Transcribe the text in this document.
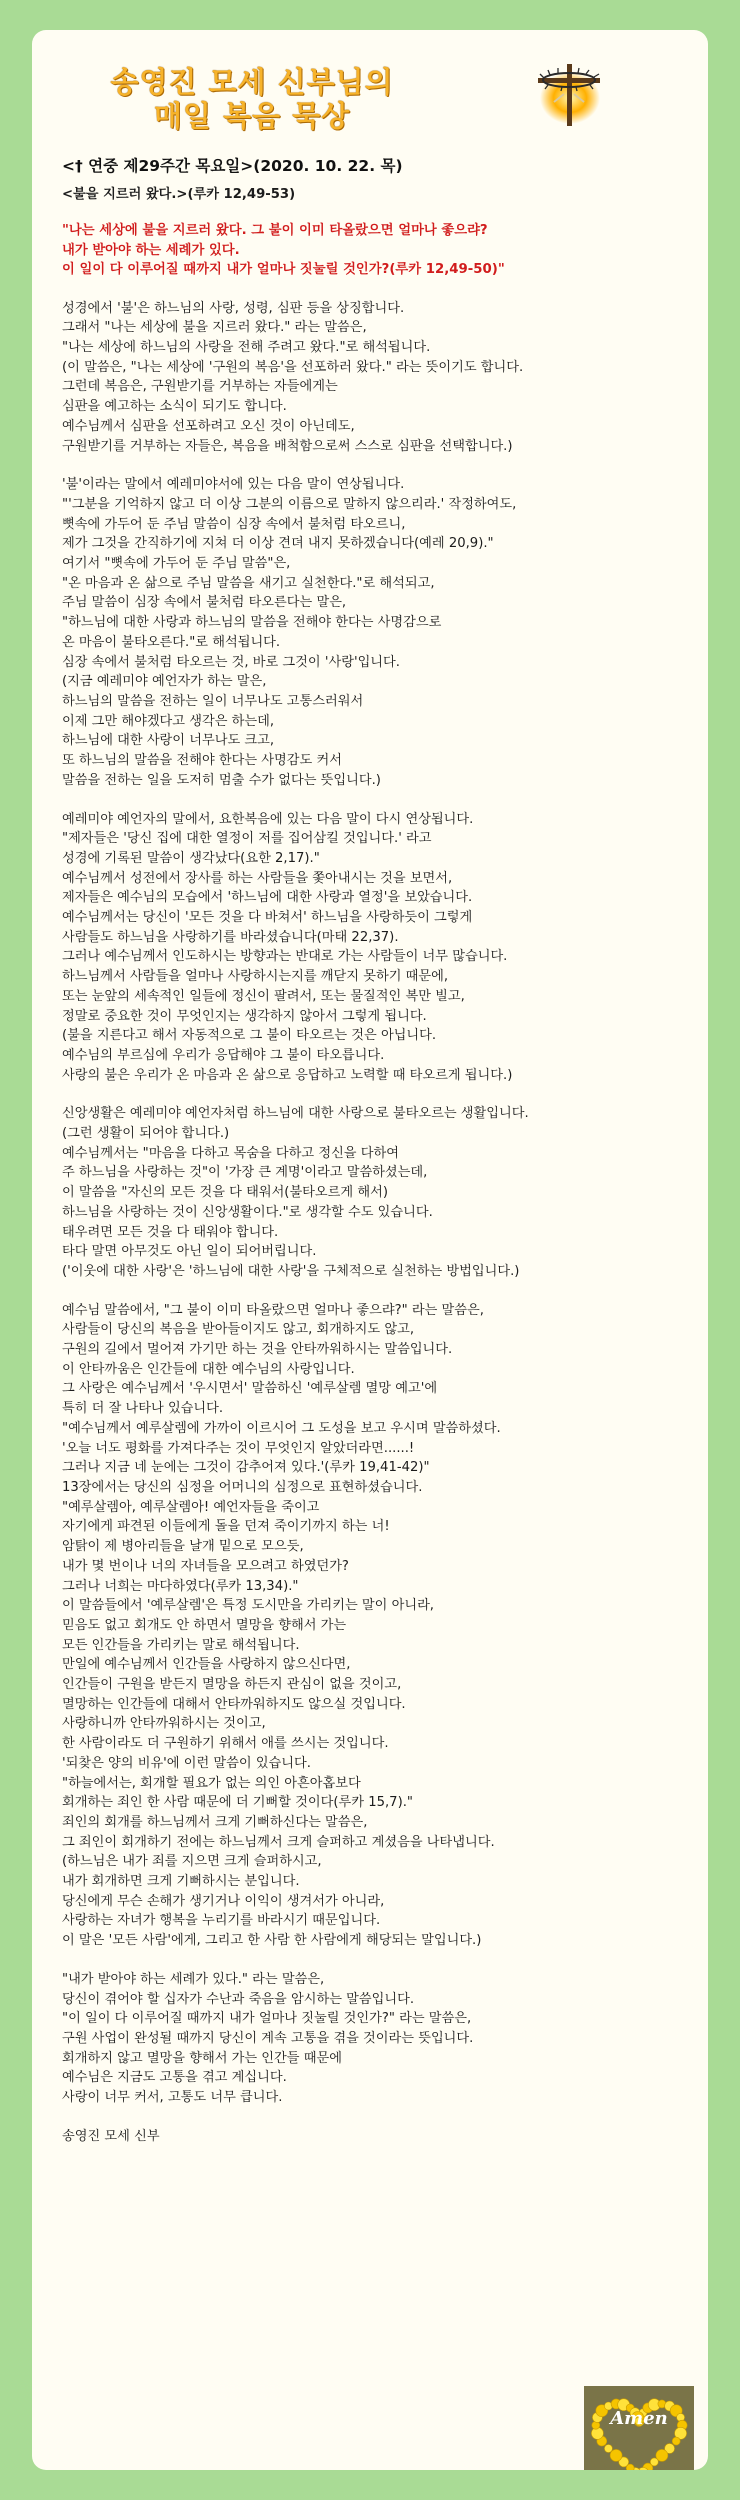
송영진 모세 신부님의
매일 복음 묵상
<† 연중 제29주간 목요일>(2020. 10. 22. 목)
<불을 지르러 왔다.>(루카 12,49-53)
"나는 세상에 불을 지르러 왔다. 그 불이 이미 타올랐으면 얼마나 좋으랴?
내가 받아야 하는 세례가 있다.
이 일이 다 이루어질 때까지 내가 얼마나 짓눌릴 것인가?(루카 12,49-50)"
성경에서 '불'은 하느님의 사랑, 성령, 심판 등을 상징합니다.
그래서 "나는 세상에 불을 지르러 왔다." 라는 말씀은,
"나는 세상에 하느님의 사랑을 전해 주려고 왔다."로 해석됩니다.
(이 말씀은, "나는 세상에 '구원의 복음'을 선포하러 왔다." 라는 뜻이기도 합니다.
그런데 복음은, 구원받기를 거부하는 자들에게는
심판을 예고하는 소식이 되기도 합니다.
예수님께서 심판을 선포하려고 오신 것이 아닌데도,
구원받기를 거부하는 자들은, 복음을 배척함으로써 스스로 심판을 선택합니다.)
'불'이라는 말에서 예레미야서에 있는 다음 말이 연상됩니다.
"'그분을 기억하지 않고 더 이상 그분의 이름으로 말하지 않으리라.' 작정하여도,
뼛속에 가두어 둔 주님 말씀이 심장 속에서 불처럼 타오르니,
제가 그것을 간직하기에 지쳐 더 이상 견뎌 내지 못하겠습니다(예레 20,9)."
여기서 "뼛속에 가두어 둔 주님 말씀"은,
"온 마음과 온 삶으로 주님 말씀을 새기고 실천한다."로 해석되고,
주님 말씀이 심장 속에서 불처럼 타오른다는 말은,
"하느님에 대한 사랑과 하느님의 말씀을 전해야 한다는 사명감으로
온 마음이 불타오른다."로 해석됩니다.
심장 속에서 불처럼 타오르는 것, 바로 그것이 '사랑'입니다.
(지금 예레미야 예언자가 하는 말은,
하느님의 말씀을 전하는 일이 너무나도 고통스러워서
이제 그만 해야겠다고 생각은 하는데,
하느님에 대한 사랑이 너무나도 크고,
또 하느님의 말씀을 전해야 한다는 사명감도 커서
말씀을 전하는 일을 도저히 멈출 수가 없다는 뜻입니다.)
예레미야 예언자의 말에서, 요한복음에 있는 다음 말이 다시 연상됩니다.
"제자들은 '당신 집에 대한 열정이 저를 집어삼킬 것입니다.' 라고
성경에 기록된 말씀이 생각났다(요한 2,17)."
예수님께서 성전에서 장사를 하는 사람들을 쫓아내시는 것을 보면서,
제자들은 예수님의 모습에서 '하느님에 대한 사랑과 열정'을 보았습니다.
예수님께서는 당신이 '모든 것을 다 바쳐서' 하느님을 사랑하듯이 그렇게
사람들도 하느님을 사랑하기를 바라셨습니다(마태 22,37).
그러나 예수님께서 인도하시는 방향과는 반대로 가는 사람들이 너무 많습니다.
하느님께서 사람들을 얼마나 사랑하시는지를 깨닫지 못하기 때문에,
또는 눈앞의 세속적인 일들에 정신이 팔려서, 또는 물질적인 복만 빌고,
정말로 중요한 것이 무엇인지는 생각하지 않아서 그렇게 됩니다.
(불을 지른다고 해서 자동적으로 그 불이 타오르는 것은 아닙니다.
예수님의 부르심에 우리가 응답해야 그 불이 타오릅니다.
사랑의 불은 우리가 온 마음과 온 삶으로 응답하고 노력할 때 타오르게 됩니다.)
신앙생활은 예레미야 예언자처럼 하느님에 대한 사랑으로 불타오르는 생활입니다.
(그런 생활이 되어야 합니다.)
예수님께서는 "마음을 다하고 목숨을 다하고 정신을 다하여
주 하느님을 사랑하는 것"이 '가장 큰 계명'이라고 말씀하셨는데,
이 말씀을 "자신의 모든 것을 다 태워서(불타오르게 해서)
하느님을 사랑하는 것이 신앙생활이다."로 생각할 수도 있습니다.
태우려면 모든 것을 다 태워야 합니다.
타다 말면 아무것도 아닌 일이 되어버립니다.
('이웃에 대한 사랑'은 '하느님에 대한 사랑'을 구체적으로 실천하는 방법입니다.)
예수님 말씀에서, "그 불이 이미 타올랐으면 얼마나 좋으랴?" 라는 말씀은,
사람들이 당신의 복음을 받아들이지도 않고, 회개하지도 않고,
구원의 길에서 멀어져 가기만 하는 것을 안타까워하시는 말씀입니다.
이 안타까움은 인간들에 대한 예수님의 사랑입니다.
그 사랑은 예수님께서 '우시면서' 말씀하신 '예루살렘 멸망 예고'에
특히 더 잘 나타나 있습니다.
"예수님께서 예루살렘에 가까이 이르시어 그 도성을 보고 우시며 말씀하셨다.
'오늘 너도 평화를 가져다주는 것이 무엇인지 알았더라면......!
그러나 지금 네 눈에는 그것이 감추어져 있다.'(루카 19,41-42)"
13장에서는 당신의 심정을 어머니의 심정으로 표현하셨습니다.
"예루살렘아, 예루살렘아! 예언자들을 죽이고
자기에게 파견된 이들에게 돌을 던져 죽이기까지 하는 너!
암탉이 제 병아리들을 날개 밑으로 모으듯,
내가 몇 번이나 너의 자녀들을 모으려고 하였던가?
그러나 너희는 마다하였다(루카 13,34)."
이 말씀들에서 '예루살렘'은 특정 도시만을 가리키는 말이 아니라,
믿음도 없고 회개도 안 하면서 멸망을 향해서 가는
모든 인간들을 가리키는 말로 해석됩니다.
만일에 예수님께서 인간들을 사랑하지 않으신다면,
인간들이 구원을 받든지 멸망을 하든지 관심이 없을 것이고,
멸망하는 인간들에 대해서 안타까워하지도 않으실 것입니다.
사랑하니까 안타까워하시는 것이고,
한 사람이라도 더 구원하기 위해서 애를 쓰시는 것입니다.
'되찾은 양의 비유'에 이런 말씀이 있습니다.
"하늘에서는, 회개할 필요가 없는 의인 아흔아홉보다
회개하는 죄인 한 사람 때문에 더 기뻐할 것이다(루카 15,7)."
죄인의 회개를 하느님께서 크게 기뻐하신다는 말씀은,
그 죄인이 회개하기 전에는 하느님께서 크게 슬퍼하고 계셨음을 나타냅니다.
(하느님은 내가 죄를 지으면 크게 슬퍼하시고,
내가 회개하면 크게 기뻐하시는 분입니다.
당신에게 무슨 손해가 생기거나 이익이 생겨서가 아니라,
사랑하는 자녀가 행복을 누리기를 바라시기 때문입니다.
이 말은 '모든 사람'에게, 그리고 한 사람 한 사람에게 해당되는 말입니다.)
"내가 받아야 하는 세례가 있다." 라는 말씀은,
당신이 겪어야 할 십자가 수난과 죽음을 암시하는 말씀입니다.
"이 일이 다 이루어질 때까지 내가 얼마나 짓눌릴 것인가?" 라는 말씀은,
구원 사업이 완성될 때까지 당신이 계속 고통을 겪을 것이라는 뜻입니다.
회개하지 않고 멸망을 향해서 가는 인간들 때문에
예수님은 지금도 고통을 겪고 계십니다.
사랑이 너무 커서, 고통도 너무 큽니다.
송영진 모세 신부
Amen
